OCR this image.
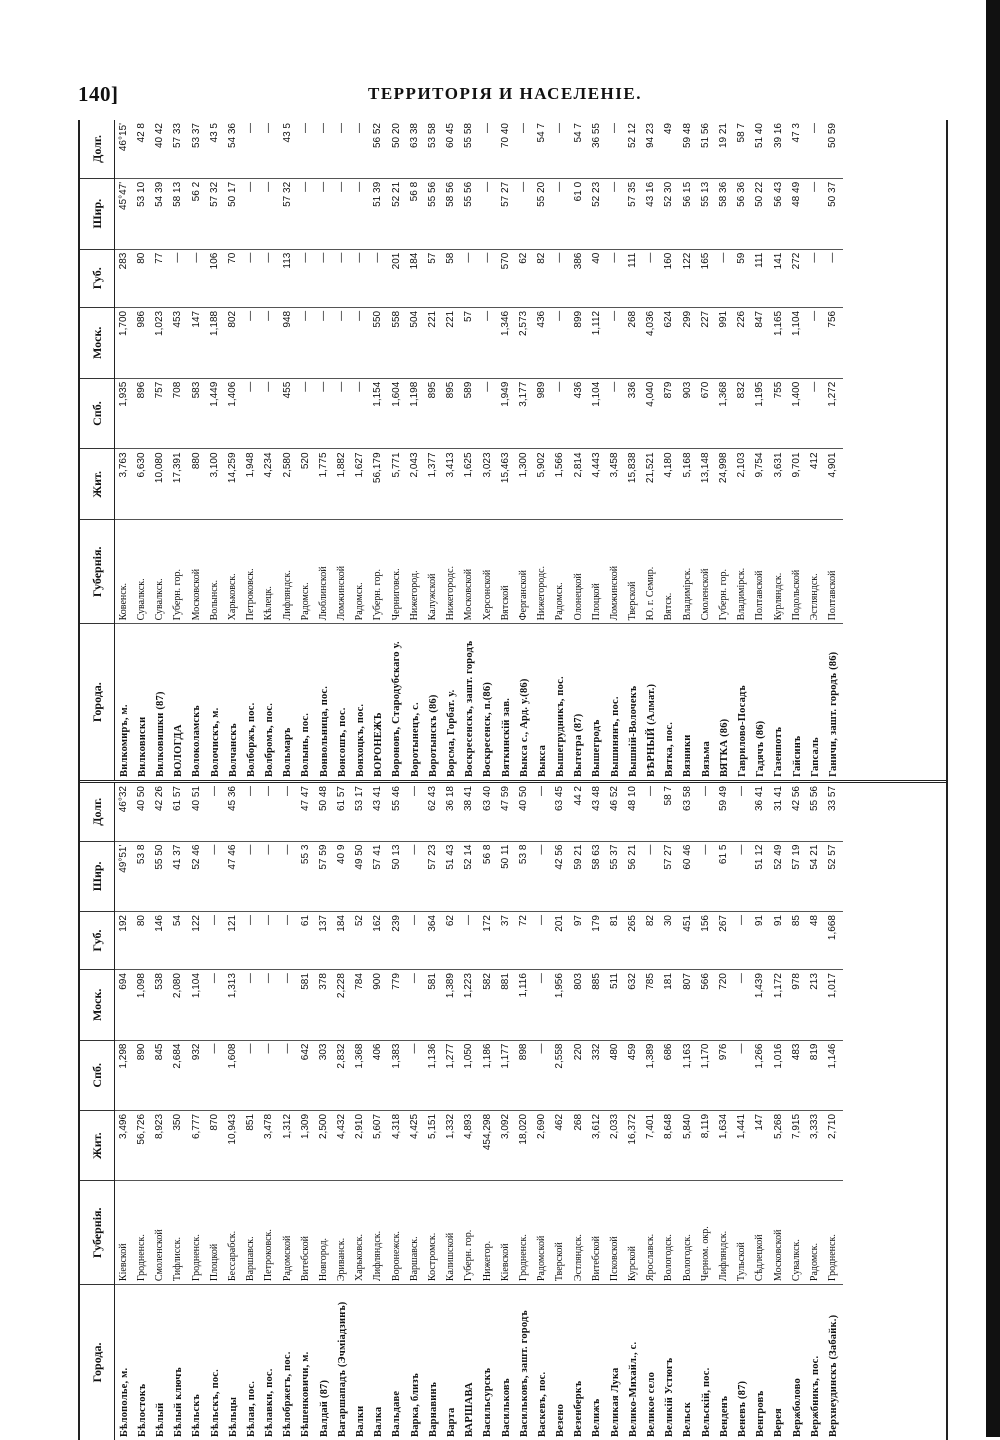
140]	ТЕРРИТОРІЯ И НАСЕЛЕНІЕ.
Города.	Губернія.	Жит.	Спб.	Моск.	Губ.	Шир.	Долг.
Бѣлополье, м.	Кіевской	3,496	1,298	694	192	49°51'	46°32
Бѣлостокъ	Гродненск.	56,726	890	1,098	80	53 8	40 50
Бѣлый	Смоленской	8,923	845	538	146	55 50	42 26
Бѣлый ключъ	Тифлисск.	350	2,684	2,080	54	41 37	61 57
Бѣльскъ	Гродненск.	6,777	932	1,104	122	52 46	40 51
Бѣльскъ, пос.	Плоцкой	870	—	—	—	—	—
Бѣльцы	Бессарабск.	10,943	1,608	1,313	121	47 46	45 36
Бѣлая, пос.	Варшавск.	851	—	—	—	—	—
Бѣлавки, пос.	Петроковск.	3,478	—	—	—	—	—
Бѣлобржегъ, пос.	Радомской	1,312	—	—	—	—	—
Бѣшенковичи, м.	Витебской	1,309	642	581	61	55 3	47 47
Валдай (87)	Новгород.	2,500	303	378	137	57 59	50 48
Вагаршападъ (Эчміадзинъ)	Эриванск.	4,432	2,832	2,228	184	40 9	61 57
Валки	Харьковск.	2,910	1,368	784	52	49 50	53 17
Валка	Лифляндск.	5,607	406	900	162	57 41	43 41
Вальдаве	Воронежск.	4,318	1,383	779	239	50 13	55 46
Варка, близъ	Варшавск.	4,425	—	—	—	—	—
Варнавинъ	Костромск.	5,151	1,136	581	364	57 23	62 43
Варта	Калишской	1,332	1,277	1,389	62	51 43	36 18
ВАРШАВА	Губерн. гор.	4,893	1,050	1,223	—	52 14	38 41
Васильсурскъ	Нижегор.	454,298	1,186	582	172	56 8	63 40
Васильковъ	Кіевской	3,092	1,177	881	37	50 11	47 59
Васильковъ, зашт. городъ	Гродненск.	18,020	898	1,116	72	53 8	40 50
Васкевъ, пос.	Радомской	2,690	—	—	—	—	—
Везено	Тверской	462	2,558	1,956	201	42 56	63 45
Везенберкъ	Эстляндск.	268	220	803	97	59 21	44 2
Велижъ	Витебской	3,612	332	885	179	58 63	43 48
Великая Лука	Псковской	2,033	480	511	81	55 37	46 52
Велико-Михайл., с.	Курской	16,372	459	632	265	56 21	48 10
Великое село	Ярославск.	7,401	1,389	785	82	—	—
Великій Устюгъ	Вологодск.	8,648	686	181	30	57 27	58 7
Вельск	Вологодск.	5,840	1,163	807	451	60 46	63 58
Вельскій, пос.	Черном. окр.	8,119	1,170	566	156	—	—
Венденъ	Лифляндск.	1,634	976	720	267	61 5	59 49
Веневъ (87)	Тульской	1,441	—	—	—	—	—
Венгровъ	Сѣдлецкой	147	1,266	1,439	91	51 12	36 41
Верея	Московской	5,268	1,016	1,172	91	52 49	31 41
Вержболово	Сувалкск.	7,915	483	978	85	57 19	42 56
Вержбникъ, пос.	Радомск.	3,333	819	213	48	54 21	55 56
Верхнеудинскъ (Забайк.)	Гродненск.	2,710	1,146	1,017	1,668	52 57	33 57
Города.	Губернія.	Жит.	Спб.	Моск.	Губ.	Шир.	Долг.
Вилкомиръ, м.	Ковенск.	3,763	1,935	1,700	283	45°47'	46°15'
Вилковиски	Сувалкск.	6,630	896	986	80	53 10	42 8
Вилковишки (87)	Сувалкск.	10,080	757	1,023	77	54 39	40 42
ВОЛОГДА	Губерн. гор.	17,391	708	453	—	58 13	57 33
Волоколамскъ	Московской	880	583	147	—	56 2	53 37
Волочискъ, м.	Волынск.	3,100	1,449	1,188	106	57 32	43 5
Волчанскъ	Харьковск.	14,259	1,406	802	70	50 17	54 36
Волборжъ, пос.	Петроковск.	1,948	—	—	—	—	—
Волбромъ, пос.	Кѣлецк.	4,234	—	—	—	—	—
Вольмаръ	Лифляндск.	2,580	455	948	113	57 32	43 5
Волынь, пос.	Радомск.	520	—	—	—	—	—
Вонвольница, пос.	Люблинской	1,775	—	—	—	—	—
Вонсошъ, пос.	Ломжинской	1,882	—	—	—	—	—
Вонхоцкъ, пос.	Радомск.	1,627	—	—	—	—	—
ВОРОНЕЖЪ	Губерн. гор.	56,179	1,154	550	—	51 39	56 52
Вороновъ, Стародубскаго у.	Черниговск.	5,771	1,604	558	201	52 21	50 20
Воротынецъ, с.	Нижегород.	2,043	1,198	504	184	56 8	63 38
Воротынскъ (86)	Калужской	1,377	895	221	57	55 56	53 58
Ворсма, Горбат. у.	Нижегородс.	3,413	895	221	58	58 56	60 45
Воскресенскъ, зашт. городъ	Московской	1,625	589	57	—	55 56	55 58
Воскресенск, п.(86)	Херсонской	3,023	—	—	—	—	—
Вяткинскій зав.	Вятской	15,463	1,949	1,346	570	57 27	70 40
Выкса с., Ард. у.(86)	Ферганской	1,300	3,177	2,573	62	—	—
Выкса	Нижегородс.	5,902	989	436	82	55 20	54 7
Вышегрудникъ, пос.	Радомск.	1,566	—	—	—	—	—
Вытегра (87)	Олонецкой	2,814	436	899	386	61 0	54 7
Вышегродъ	Плоцкой	4,443	1,104	1,112	40	52 23	36 55
Вышинянъ, пос.	Ломжинской	3,458	—	—	—	—	—
Вышній-Волочекъ	Тверской	15,838	336	268	111	57 35	52 12
ВѢРНЫЙ (Алмат.)	Ю. г. Семир.	21,521	4,040	4,036	—	43 16	94 23
Вятка, пос.	Вятск.	4,180	879	624	160	52 30	49
Вязники	Владимірск.	5,168	903	299	122	56 15	59 48
Вязьма	Смоленской	13,148	670	227	165	55 13	51 56
ВЯТКА (86)	Губерн. гор.	24,998	1,368	991	—	58 36	19 21
Гаврилово-Посадъ	Владимірск.	2,103	832	226	59	56 36	58 7
Гадячъ (86)	Полтавской	9,754	1,195	847	111	50 22	51 40
Газенпотъ	Курляндск.	3,631	755	1,165	141	56 43	39 16
Гайсинъ	Подольской	9,701	1,400	1,104	272	48 49	47 3
Гапсаль	Эстляндск.	412	—	—	—	—	—
Ганичи, зашт. городъ (86)	Полтавской	4,901	1,272	756	—	50 37	50 59
